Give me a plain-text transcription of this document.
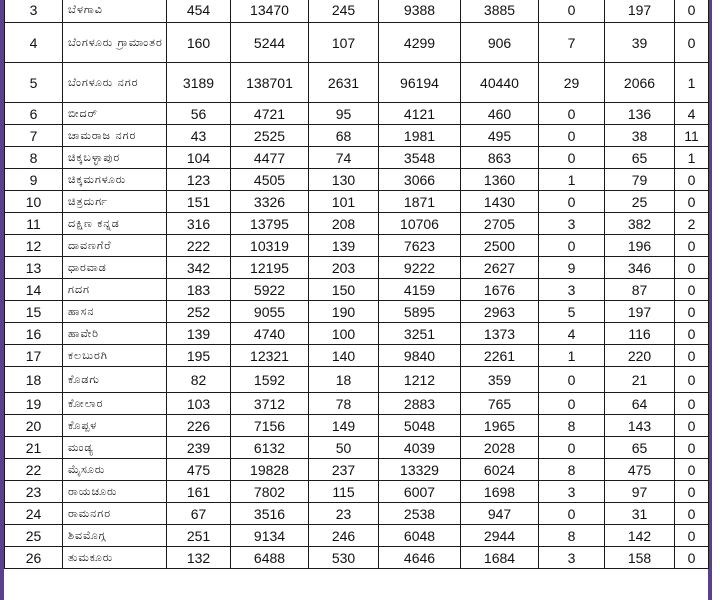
3	ಬೆಳಗಾವಿ	454	13470	245	9388	3885	0	197	0
4	ಬೆಂಗಳೂರು ಗ್ರಾಮಾಂತರ	160	5244	107	4299	906	7	39	0
5	ಬೆಂಗಳೂರು ನಗರ	3189	138701	2631	96194	40440	29	2066	1
6	ಬೀದರ್	56	4721	95	4121	460	0	136	4
7	ಚಾಮರಾಜ ನಗರ	43	2525	68	1981	495	0	38	11
8	ಚಿಕ್ಕಬಳ್ಳಾಪುರ	104	4477	74	3548	863	0	65	1
9	ಚಿಕ್ಕಮಗಳೂರು	123	4505	130	3066	1360	1	79	0
10	ಚಿತ್ರದುರ್ಗ	151	3326	101	1871	1430	0	25	0
11	ದಕ್ಷಿಣ ಕನ್ನಡ	316	13795	208	10706	2705	3	382	2
12	ದಾವಣಗೆರೆ	222	10319	139	7623	2500	0	196	0
13	ಧಾರವಾಡ	342	12195	203	9222	2627	9	346	0
14	ಗದಗ	183	5922	150	4159	1676	3	87	0
15	ಹಾಸನ	252	9055	190	5895	2963	5	197	0
16	ಹಾವೇರಿ	139	4740	100	3251	1373	4	116	0
17	ಕಲಬುರಗಿ	195	12321	140	9840	2261	1	220	0
18	ಕೊಡಗು	82	1592	18	1212	359	0	21	0
19	ಕೋಲಾರ	103	3712	78	2883	765	0	64	0
20	ಕೊಪ್ಪಳ	226	7156	149	5048	1965	8	143	0
21	ಮಂಡ್ಯ	239	6132	50	4039	2028	0	65	0
22	ಮೈಸೂರು	475	19828	237	13329	6024	8	475	0
23	ರಾಯಚೂರು	161	7802	115	6007	1698	3	97	0
24	ರಾಮನಗರ	67	3516	23	2538	947	0	31	0
25	ಶಿವಮೊಗ್ಗ	251	9134	246	6048	2944	8	142	0
26	ತುಮಕೂರು	132	6488	530	4646	1684	3	158	0
